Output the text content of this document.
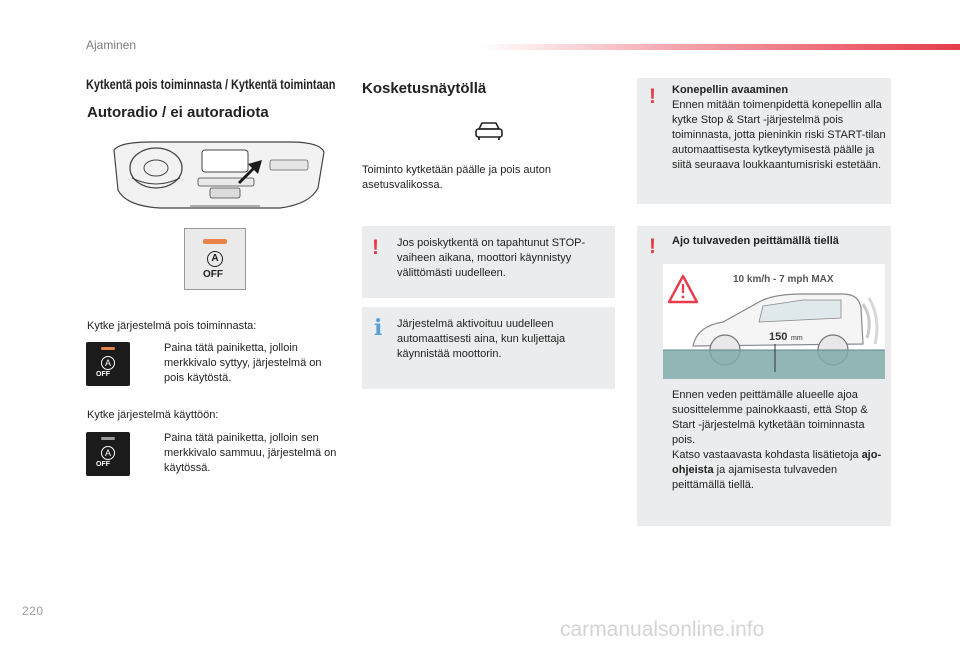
Ajaminen
Kytkentä pois toiminnasta / Kytkentä toimintaan
Autoradio / ei autoradiota
A
OFF
Kytke järjestelmä pois toiminnasta:
A
OFF
Paina tätä painiketta, jolloin merkkivalo syttyy, järjestelmä on pois käytöstä.
Kytke järjestelmä käyttöön:
A
OFF
Paina tätä painiketta, jolloin sen merkkivalo sammuu, järjestelmä on käytössä.
Kosketusnäytöllä
Toiminto kytketään päälle ja pois auton asetusvalikossa.
! Jos poiskytkentä on tapahtunut STOP-vaiheen aikana, moottori käynnistyy välittömästi uudelleen.
i Järjestelmä aktivoituu uudelleen automaattisesti aina, kun kuljettaja käynnistää moottorin.
! Konepellin avaaminen
Ennen mitään toimenpidettä konepellin alla kytke Stop & Start -järjestelmä pois toiminnasta, jotta pieninkin riski START-tilan automaattisesta kytkeytymisestä päälle ja siitä seuraava loukkaantumisriski estetään.
! Ajo tulvaveden peittämällä tiellä
10 km/h - 7 mph MAX
150 mm
Ennen veden peittämälle alueelle ajoa suosittelemme painokkaasti, että Stop & Start -järjestelmä kytketään toiminnasta pois.
Katso vastaavasta kohdasta lisätietoja ajo-ohjeista ja ajamisesta tulvaveden peittämällä tiellä.
220
carmanualsonline.info
